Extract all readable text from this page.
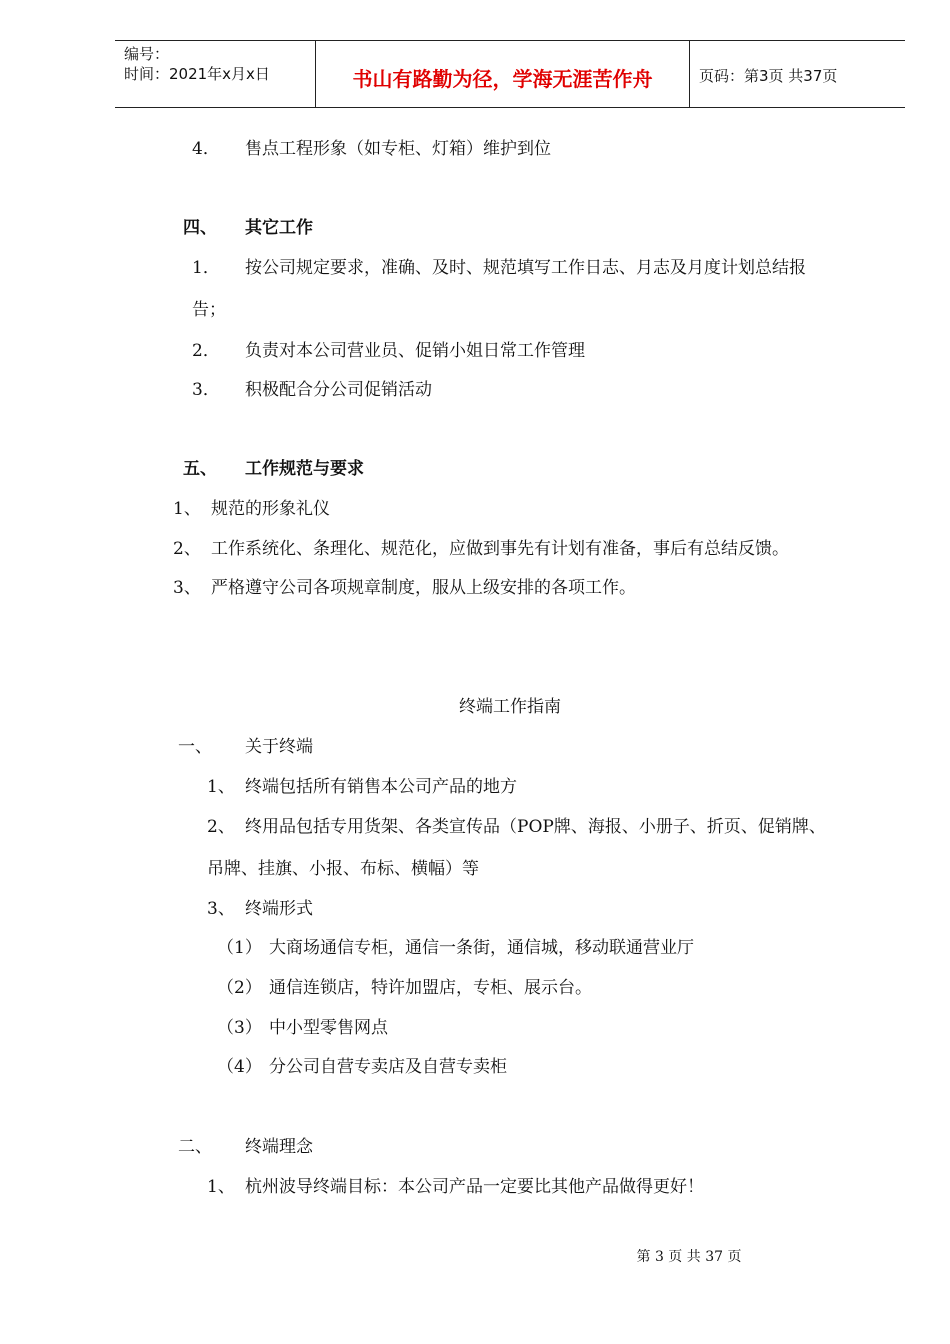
编号：
时间：2021年x月x日	书山有路勤为径，学海无涯苦作舟	页码：第3页 共37页
4． 售点工程形象（如专柜、灯箱）维护到位
四、 其它工作
1． 按公司规定要求，准确、及时、规范填写工作日志、月志及月度计划总结报
告；
2． 负责对本公司营业员、促销小姐日常工作管理
3． 积极配合分公司促销活动
五、 工作规范与要求
1、 规范的形象礼仪
2、 工作系统化、条理化、规范化，应做到事先有计划有准备，事后有总结反馈。
3、 严格遵守公司各项规章制度，服从上级安排的各项工作。
终端工作指南
一、 关于终端
1、 终端包括所有销售本公司产品的地方
2、 终用品包括专用货架、各类宣传品（POP牌、海报、小册子、折页、促销牌、
吊牌、挂旗、小报、布标、横幅）等
3、 终端形式
（1） 大商场通信专柜，通信一条街，通信城，移动联通营业厅
（2） 通信连锁店，特许加盟店，专柜、展示台。
（3） 中小型零售网点
（4） 分公司自营专卖店及自营专卖柜
二、 终端理念
1、 杭州波导终端目标：本公司产品一定要比其他产品做得更好！
第 3 页 共 37 页
